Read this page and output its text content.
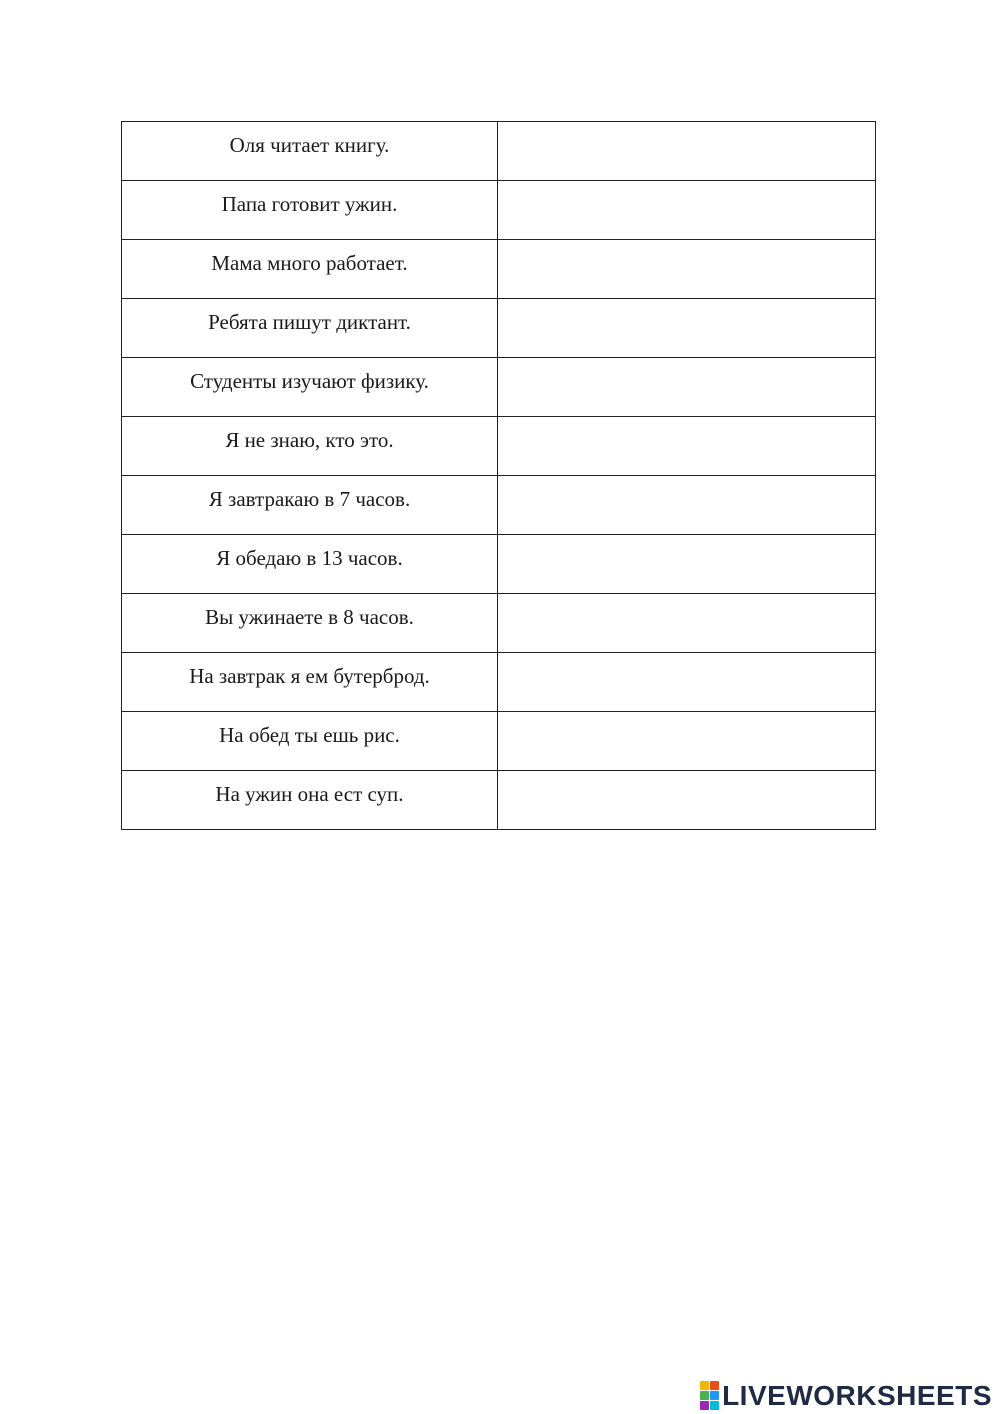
Оля читает книгу.	
Папа готовит ужин.	
Мама много работает.	
Ребята пишут диктант.	
Студенты изучают физику.	
Я не знаю, кто это.	
Я завтракаю в 7 часов.	
Я обедаю в 13 часов.	
Вы ужинаете в 8 часов.	
На завтрак я ем бутерброд.	
На обед ты ешь рис.	
На ужин она ест суп.	
LIVEWORKSHEETS
